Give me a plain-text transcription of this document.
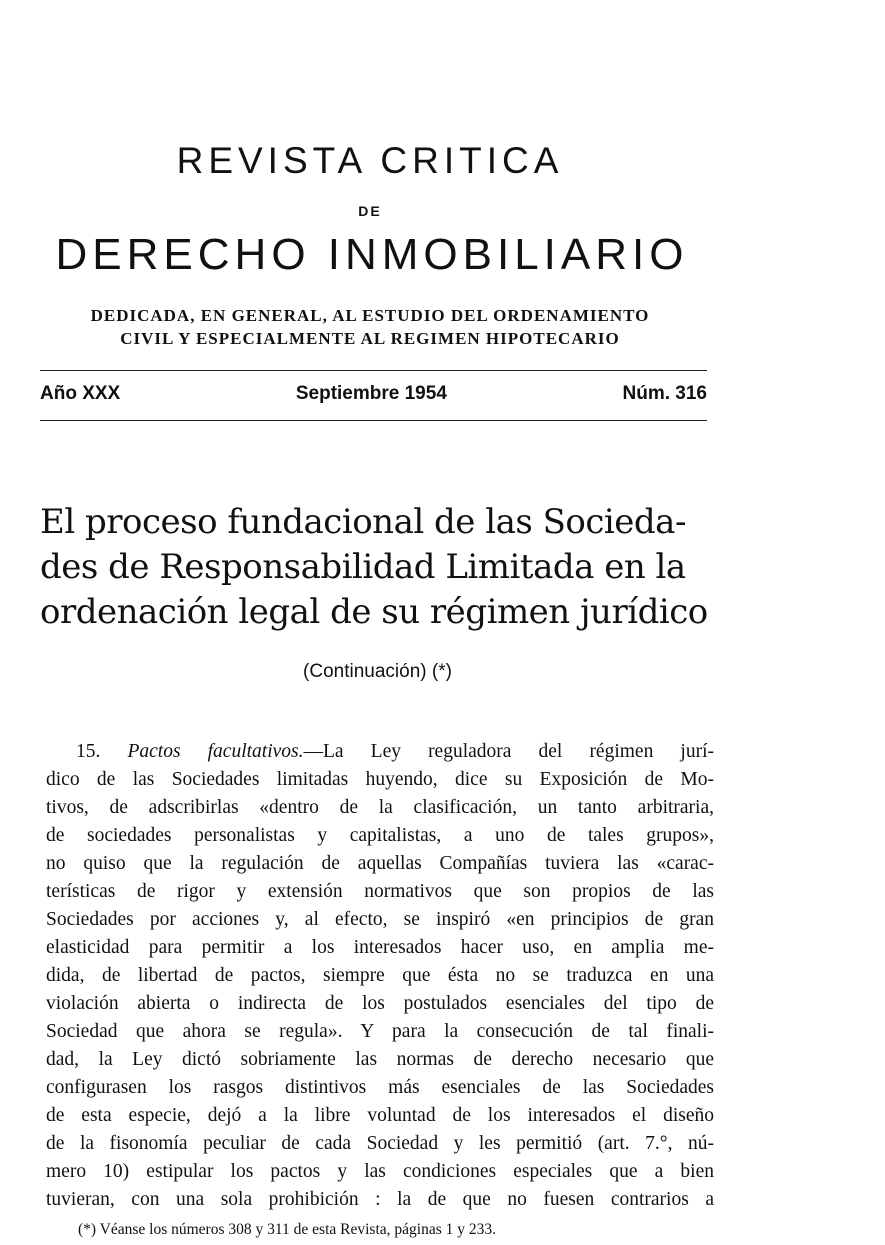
REVISTA CRITICA
DE
DERECHO INMOBILIARIO
DEDICADA, EN GENERAL, AL ESTUDIO DEL ORDENAMIENTO
CIVIL Y ESPECIALMENTE AL REGIMEN HIPOTECARIO
Año XXX	Septiembre 1954	Núm. 316
El proceso fundacional de las Socieda-
des de Responsabilidad Limitada en la
ordenación legal de su régimen jurídico
(Continuación) (*)
15. Pactos facultativos.—La Ley reguladora del régimen jurí-
dico de las Sociedades limitadas huyendo, dice su Exposición de Mo-
tivos, de adscribirlas «dentro de la clasificación, un tanto arbitraria,
de sociedades personalistas y capitalistas, a uno de tales grupos»,
no quiso que la regulación de aquellas Compañías tuviera las «carac-
terísticas de rigor y extensión normativos que son propios de las
Sociedades por acciones y, al efecto, se inspiró «en principios de gran
elasticidad para permitir a los interesados hacer uso, en amplia me-
dida, de libertad de pactos, siempre que ésta no se traduzca en una
violación abierta o indirecta de los postulados esenciales del tipo de
Sociedad que ahora se regula». Y para la consecución de tal finali-
dad, la Ley dictó sobriamente las normas de derecho necesario que
configurasen los rasgos distintivos más esenciales de las Sociedades
de esta especie, dejó a la libre voluntad de los interesados el diseño
de la fisonomía peculiar de cada Sociedad y les permitió (art. 7.°, nú-
mero 10) estipular los pactos y las condiciones especiales que a bien
tuvieran, con una sola prohibición : la de que no fuesen contrarios a
(*) Véanse los números 308 y 311 de esta Revista, páginas 1 y 233.
